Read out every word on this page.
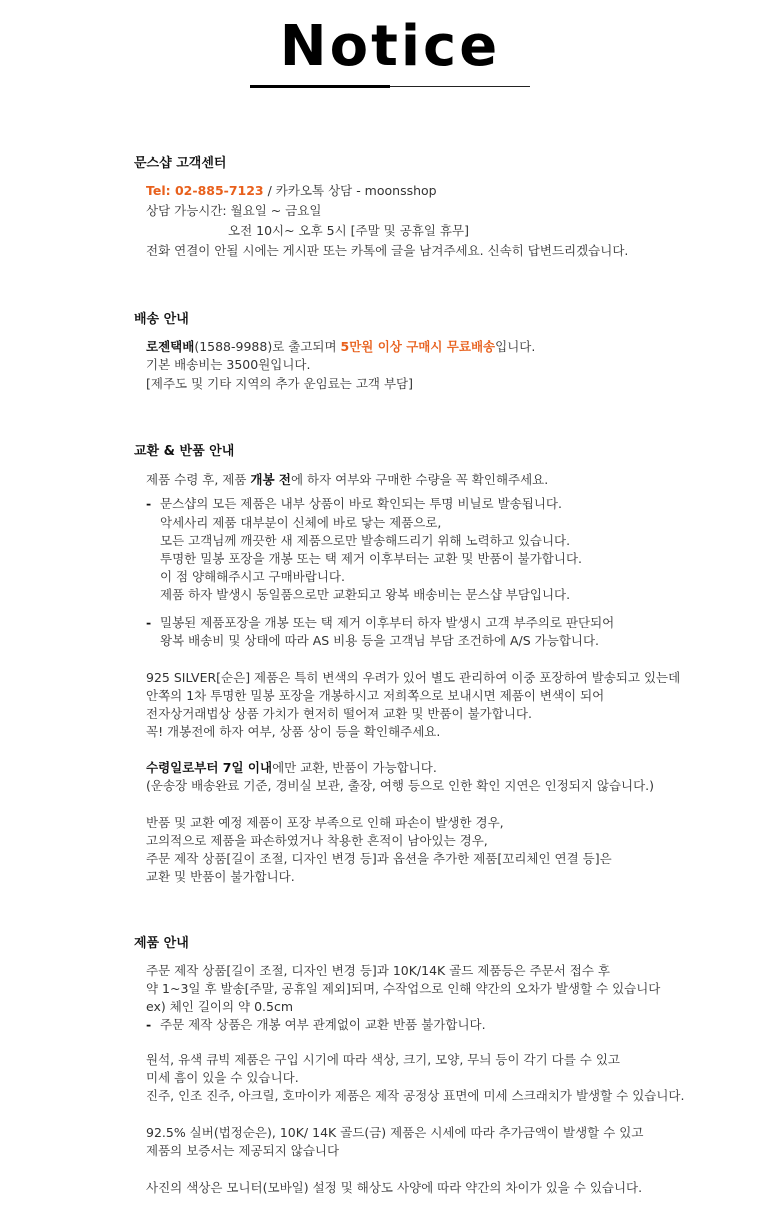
Notice
문스샵 고객센터
Tel: 02-885-7123 / 카카오톡 상담 - moonsshop
상담 가능시간: 월요일 ~ 금요일
오전 10시~ 오후 5시 [주말 및 공휴일 휴무]
전화 연결이 안될 시에는 게시판 또는 카톡에 글을 남겨주세요. 신속히 답변드리겠습니다.
배송 안내
로젠택배(1588-9988)로 출고되며 5만원 이상 구매시 무료배송입니다.
기본 배송비는 3500원입니다.
[제주도 및 기타 지역의 추가 운임료는 고객 부담]
교환 & 반품 안내
제품 수령 후, 제품 개봉 전에 하자 여부와 구매한 수량을 꼭 확인해주세요.
- 문스샵의 모든 제품은 내부 상품이 바로 확인되는 투명 비닐로 발송됩니다.
악세사리 제품 대부분이 신체에 바로 닿는 제품으로,
모든 고객님께 깨끗한 새 제품으로만 발송해드리기 위해 노력하고 있습니다.
투명한 밀봉 포장을 개봉 또는 택 제거 이후부터는 교환 및 반품이 불가합니다.
이 점 양해해주시고 구매바랍니다.
제품 하자 발생시 동일품으로만 교환되고 왕복 배송비는 문스샵 부담입니다.
- 밀봉된 제품포장을 개봉 또는 택 제거 이후부터 하자 발생시 고객 부주의로 판단되어
왕복 배송비 및 상태에 따라 AS 비용 등을 고객님 부담 조건하에 A/S 가능합니다.
925 SILVER[순은] 제품은 특히 변색의 우려가 있어 별도 관리하여 이중 포장하여 발송되고 있는데
안쪽의 1차 투명한 밀봉 포장을 개봉하시고 저희쪽으로 보내시면 제품이 변색이 되어
전자상거래법상 상품 가치가 현저히 떨어져 교환 및 반품이 불가합니다.
꼭! 개봉전에 하자 여부, 상품 상이 등을 확인해주세요.
수령일로부터 7일 이내에만 교환, 반품이 가능합니다.
(운송장 배송완료 기준, 경비실 보관, 출장, 여행 등으로 인한 확인 지연은 인정되지 않습니다.)
반품 및 교환 예정 제품이 포장 부족으로 인해 파손이 발생한 경우,
고의적으로 제품을 파손하였거나 착용한 흔적이 남아있는 경우,
주문 제작 상품[길이 조절, 디자인 변경 등]과 옵션을 추가한 제품[꼬리체인 연결 등]은
교환 및 반품이 불가합니다.
제품 안내
주문 제작 상품[길이 조절, 디자인 변경 등]과 10K/14K 골드 제품등은 주문서 접수 후
약 1~3일 후 발송[주말, 공휴일 제외]되며, 수작업으로 인해 약간의 오차가 발생할 수 있습니다
ex) 체인 길이의 약 0.5cm
- 주문 제작 상품은 개봉 여부 관계없이 교환 반품 불가합니다.
원석, 유색 큐빅 제품은 구입 시기에 따라 색상, 크기, 모양, 무늬 등이 각기 다를 수 있고
미세 흠이 있을 수 있습니다.
진주, 인조 진주, 아크릴, 호마이카 제품은 제작 공정상 표면에 미세 스크래치가 발생할 수 있습니다.
92.5% 실버(법정순은), 10K/ 14K 골드(금) 제품은 시세에 따라 추가금액이 발생할 수 있고
제품의 보증서는 제공되지 않습니다
사진의 색상은 모니터(모바일) 설정 및 해상도 사양에 따라 약간의 차이가 있을 수 있습니다.
